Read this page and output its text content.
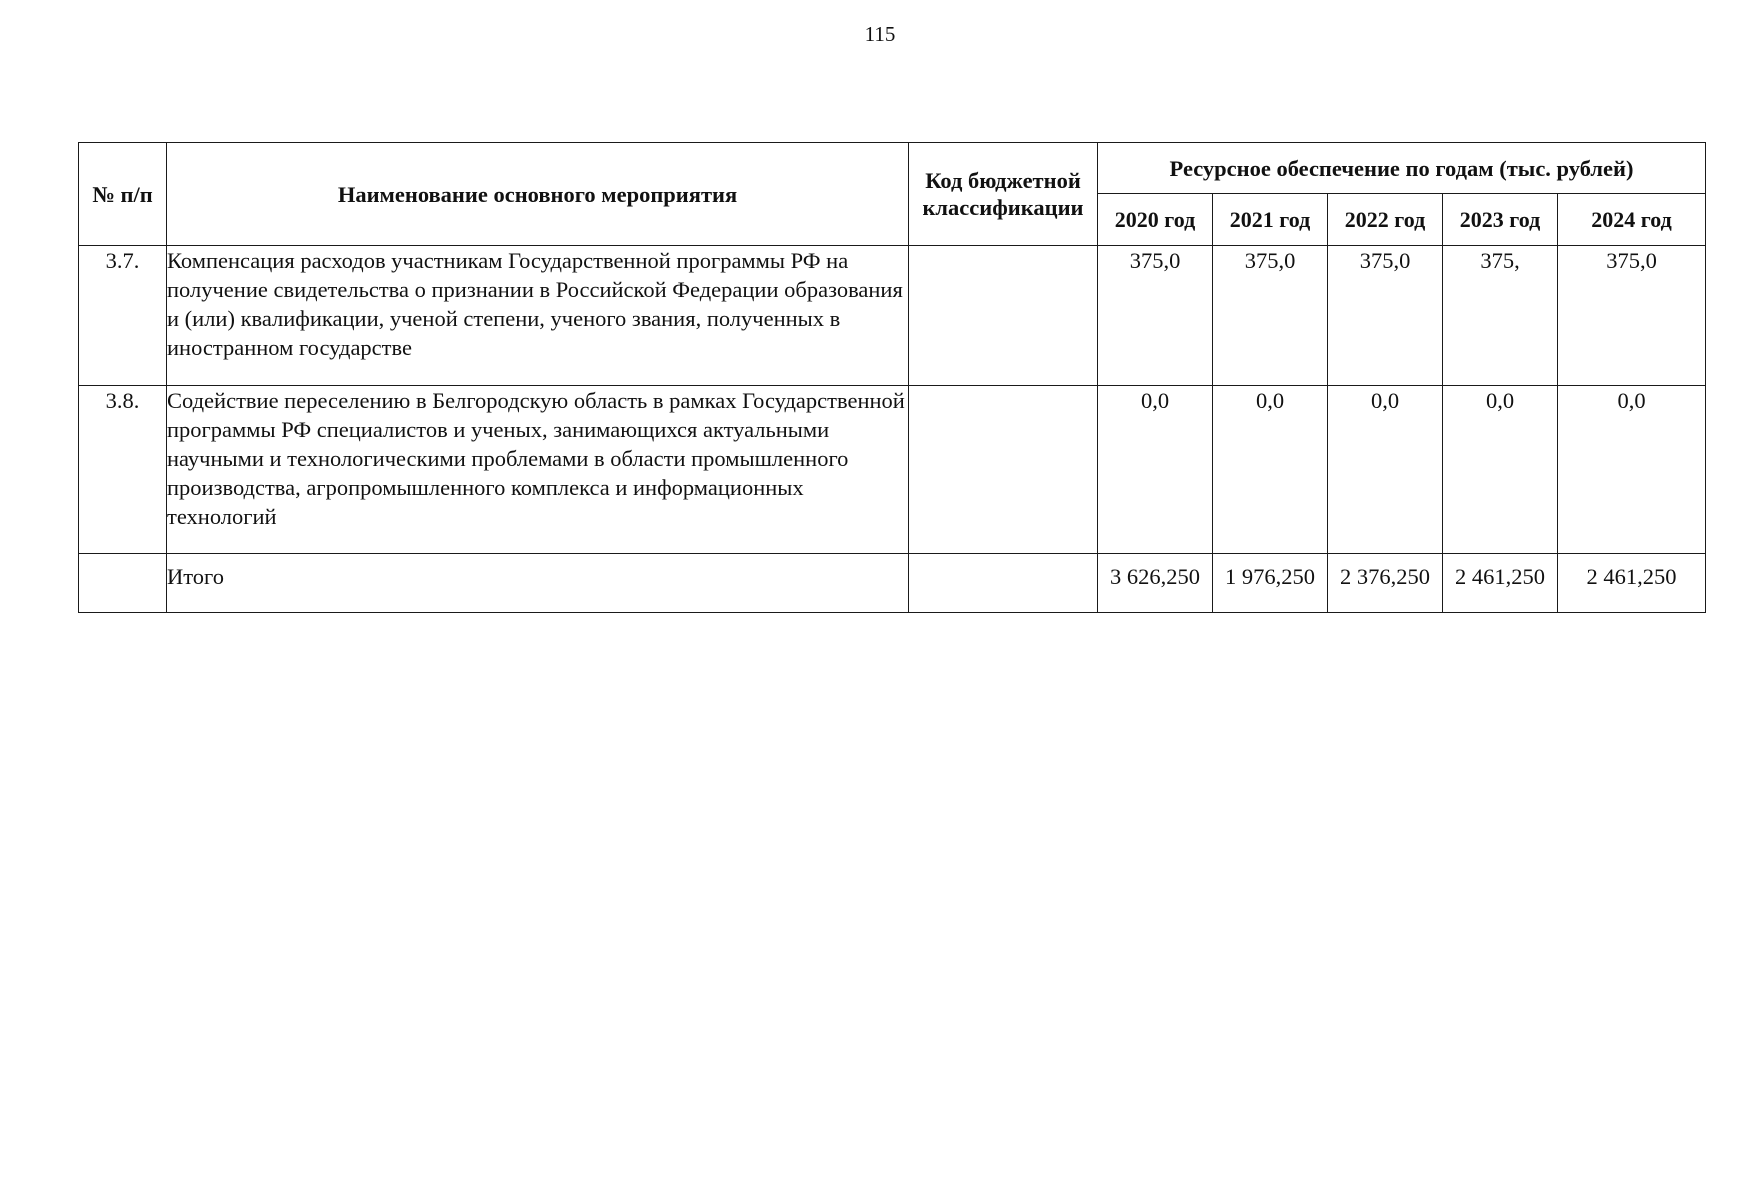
115
№ п/п	Наименование основного мероприятия	Код бюджетной классификации	Ресурсное обеспечение по годам (тыс. рублей)				
			2020 год	2021 год	2022 год	2023 год	2024 год
3.7.	Компенсация расходов участникам Государственной программы РФ на получение свидетельства о признании в Российской Федерации образования и (или) квалификации, ученой степени, ученого звания, полученных в иностранном государстве		375,0	375,0	375,0	375,	375,0
3.8.	Содействие переселению в Белгородскую область в рамках Государственной программы РФ специалистов и ученых, занимающихся актуальными научными и технологическими проблемами в области промышленного производства, агропромышленного комплекса и информационных технологий		0,0	0,0	0,0	0,0	0,0
	Итого		3 626,250	1 976,250	2 376,250	2 461,250	2 461,250
